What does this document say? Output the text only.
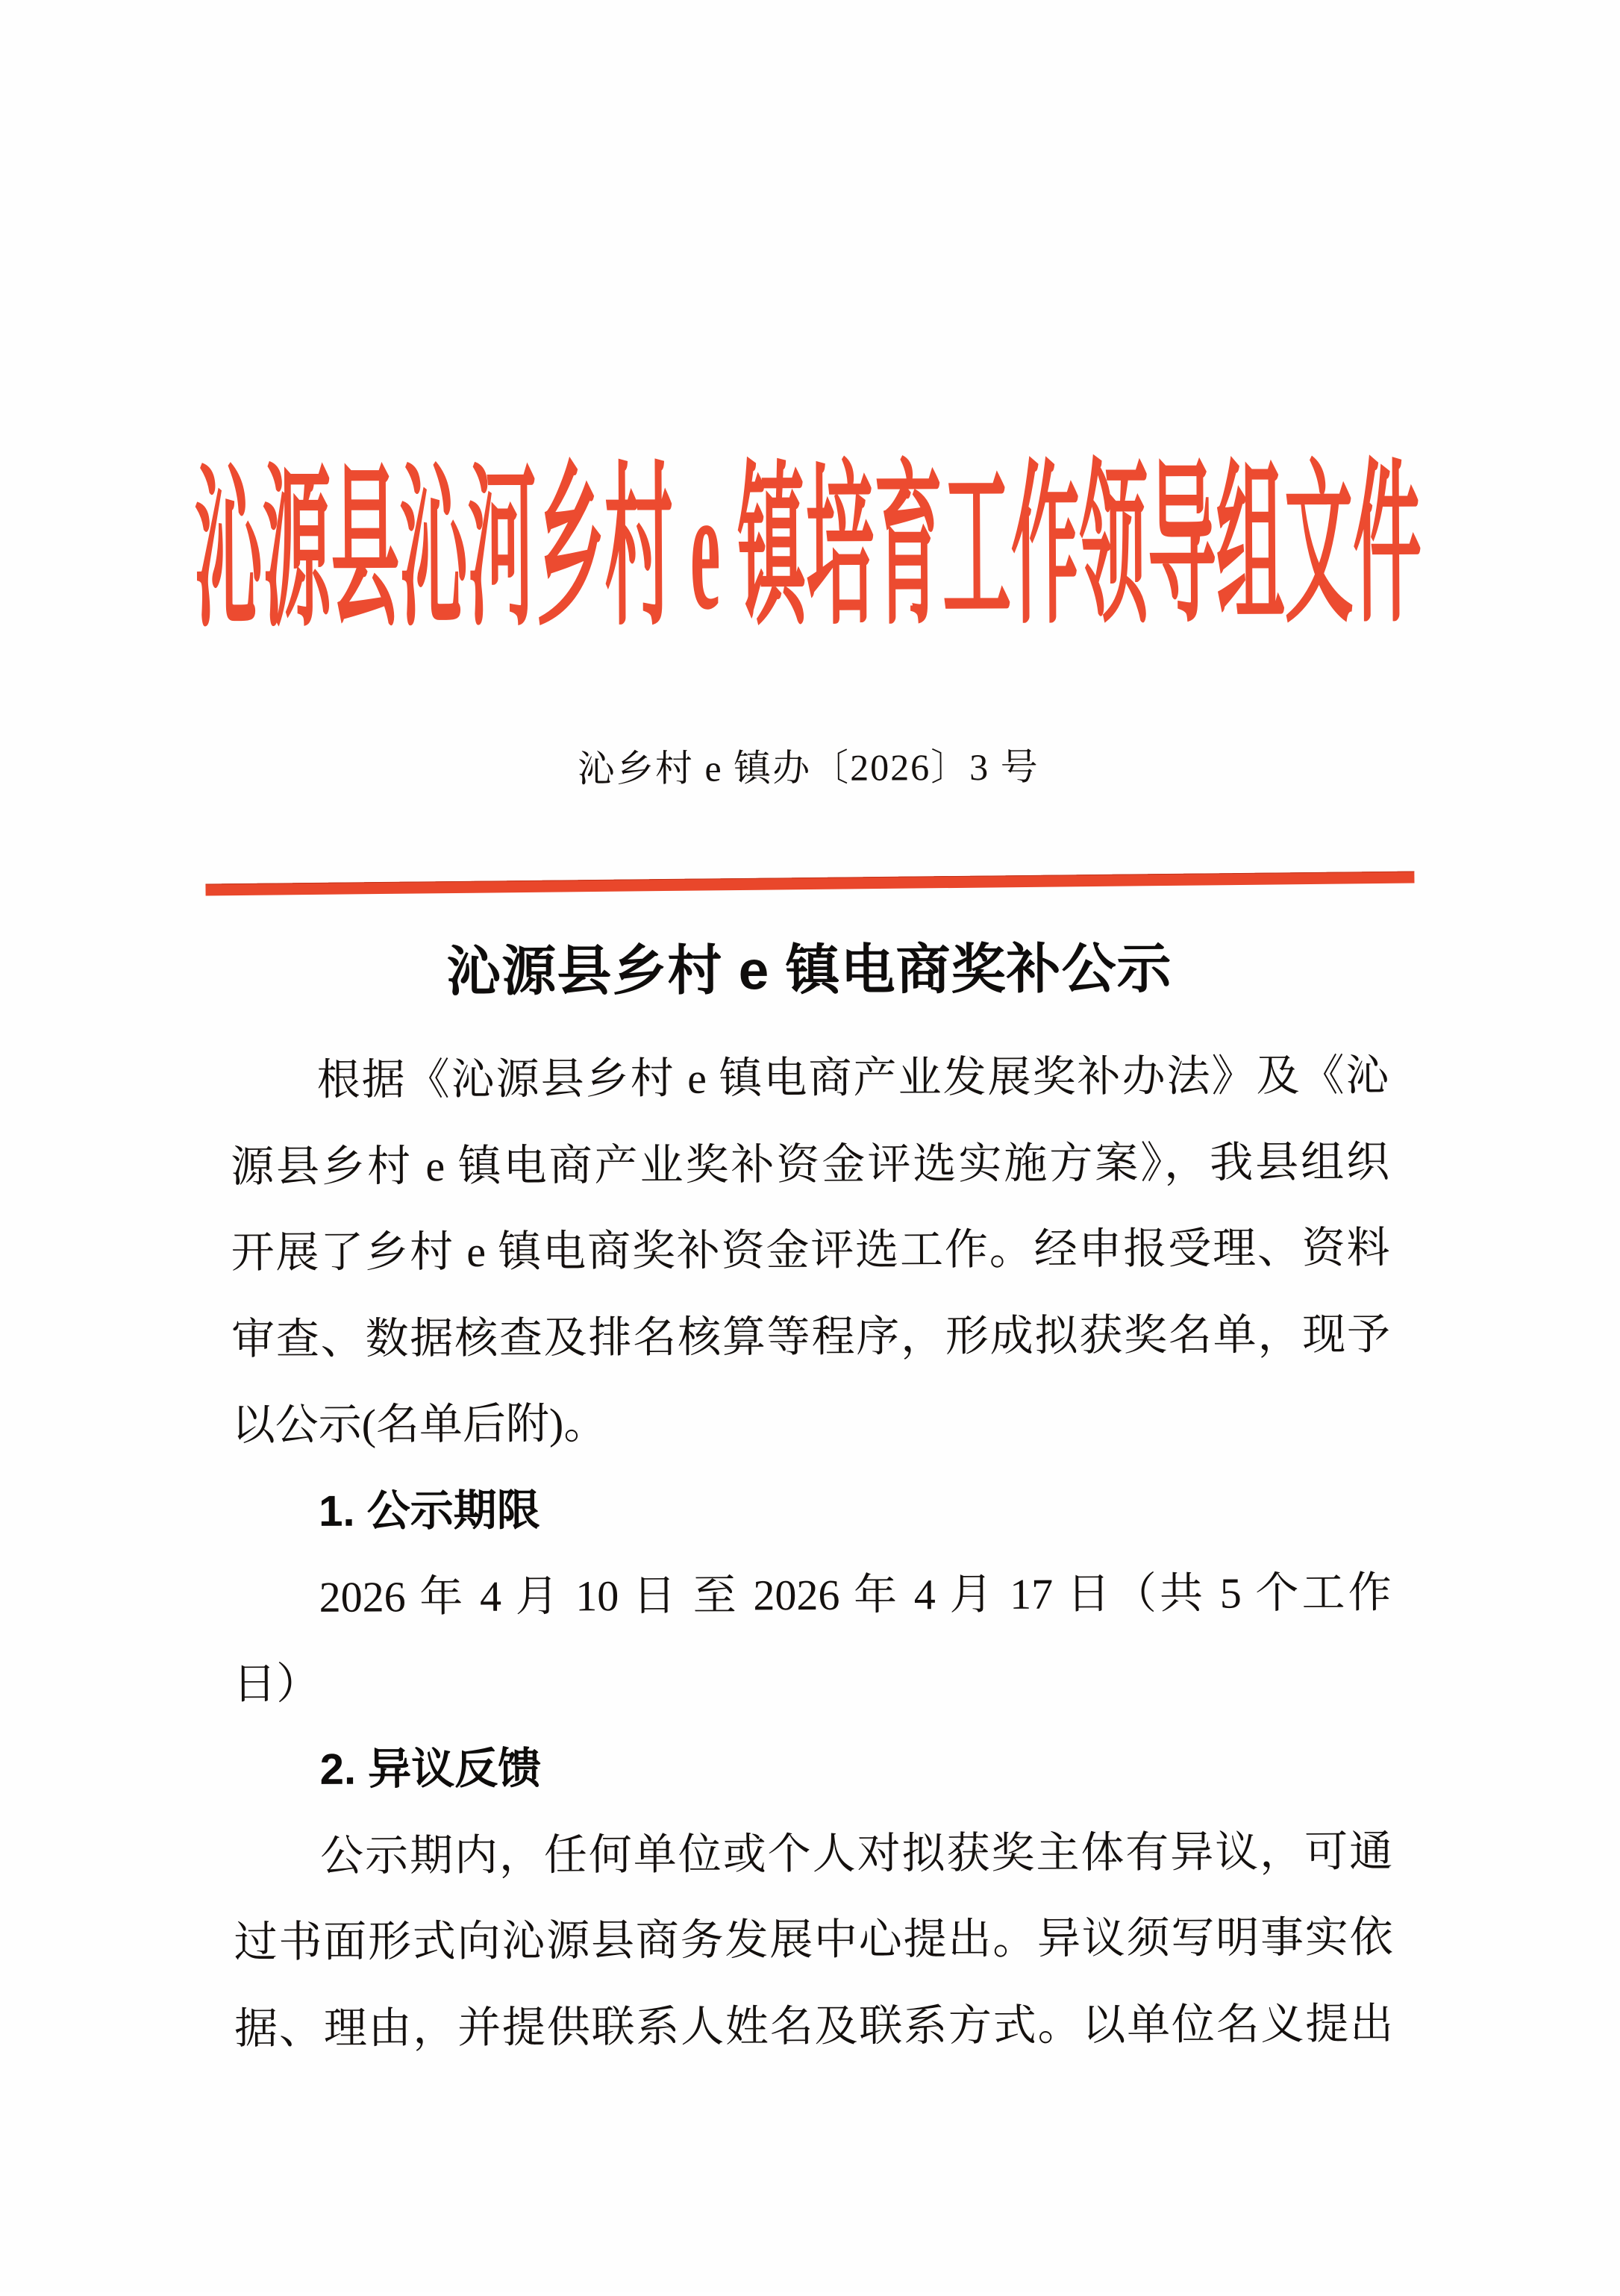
沁源县沁河乡村 e 镇培育工作领导组文件
沁乡村 e 镇办〔2026〕3 号
沁源县乡村 e 镇电商奖补公示
根据《沁源县乡村 e 镇电商产业发展奖补办法》及《沁
源县乡村 e 镇电商产业奖补资金评选实施方案》，我县组织
开展了乡村 e 镇电商奖补资金评选工作。经申报受理、资料
审查、数据核查及排名核算等程序，形成拟获奖名单，现予
以公示(名单后附)。
1. 公示期限
2026 年 4 月 10 日 至 2026 年 4 月 17 日（共 5 个工作
日）
2. 异议反馈
公示期内，任何单位或个人对拟获奖主体有异议，可通
过书面形式向沁源县商务发展中心提出。异议须写明事实依
据、理由，并提供联系人姓名及联系方式。以单位名义提出
